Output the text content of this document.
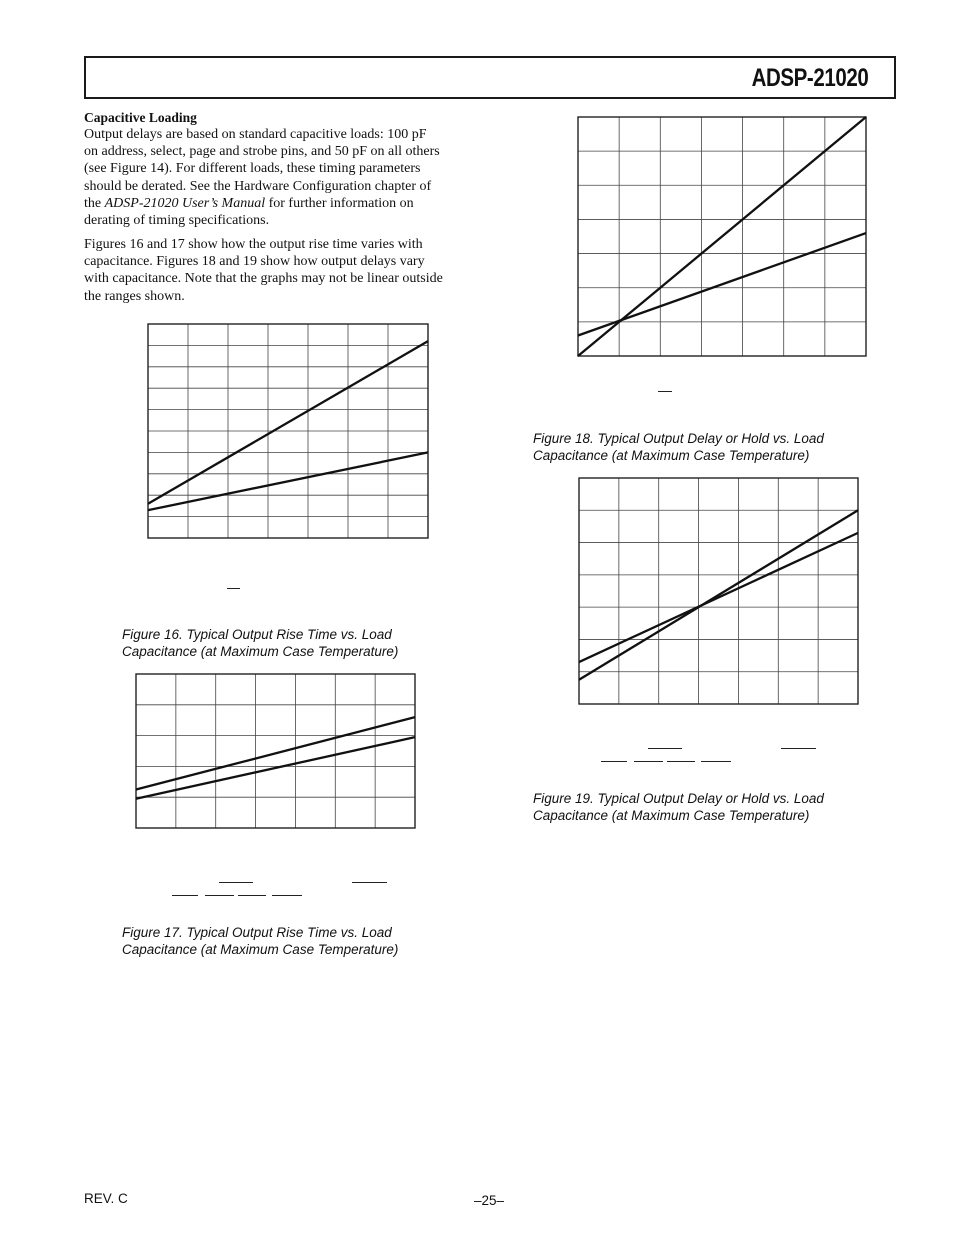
ADSP-21020
Capacitive Loading
Output delays are based on standard capacitive loads: 100 pF
on address, select, page and strobe pins, and 50 pF on all others
(see Figure 14). For different loads, these timing parameters
should be derated. See the Hardware Configuration chapter of
the ADSP-21020 User’s Manual for further information on
derating of timing specifications.
Figures 16 and 17 show how the output rise time varies with
capacitance. Figures 18 and 19 show how output delays vary
with capacitance. Note that the graphs may not be linear outside
the ranges shown.
Figure 16. Typical Output Rise Time vs. Load
Capacitance (at Maximum Case Temperature)
Figure 17. Typical Output Rise Time vs. Load
Capacitance (at Maximum Case Temperature)
Figure 18. Typical Output Delay or Hold vs. Load
Capacitance (at Maximum Case Temperature)
Figure 19. Typical Output Delay or Hold vs. Load
Capacitance (at Maximum Case Temperature)
REV. C	–25–
